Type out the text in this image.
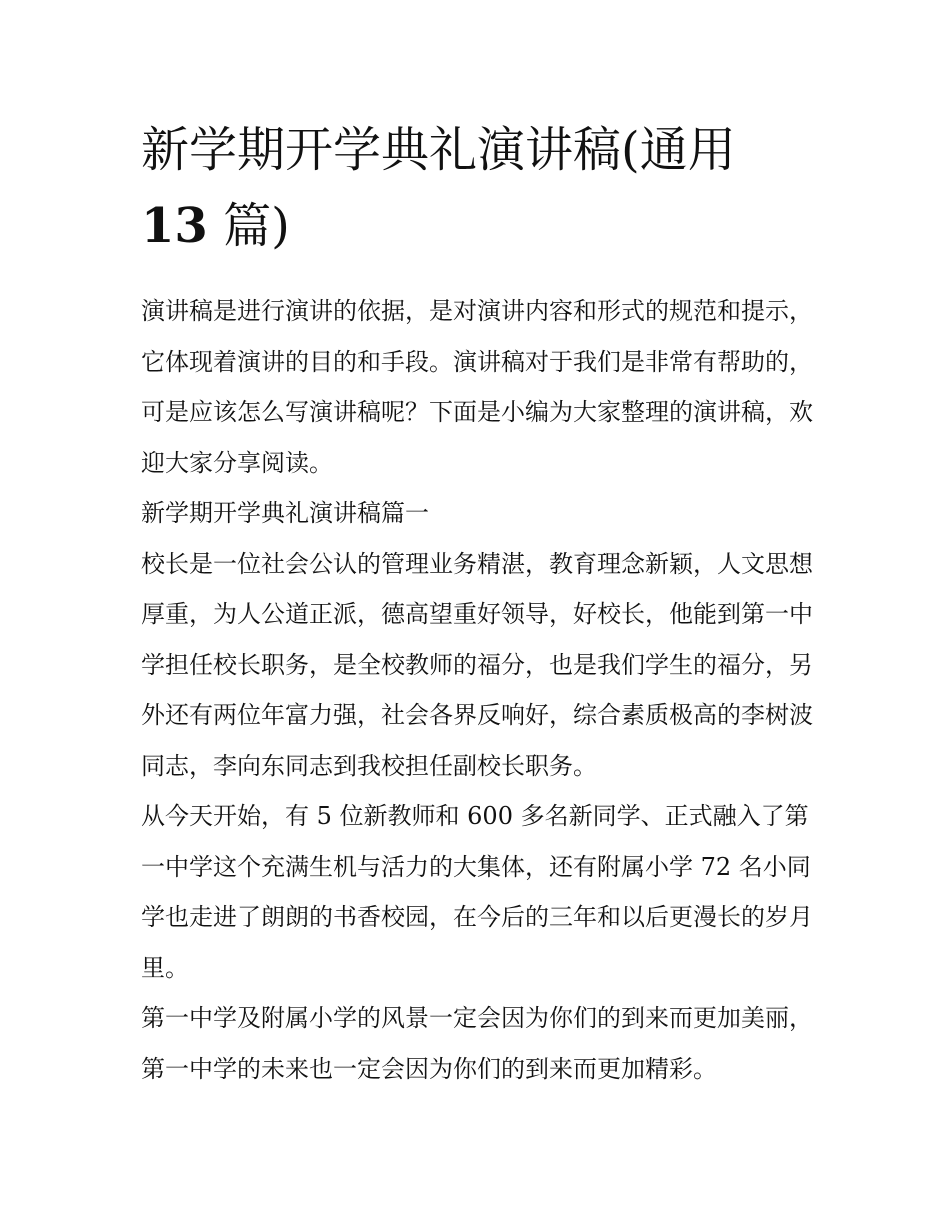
新学期开学典礼演讲稿(通用
13 篇)

演讲稿是进行演讲的依据，是对演讲内容和形式的规范和提示，它体现着演讲的目的和手段。演讲稿对于我们是非常有帮助的，可是应该怎么写演讲稿呢？下面是小编为大家整理的演讲稿，欢迎大家分享阅读。

新学期开学典礼演讲稿篇一

校长是一位社会公认的管理业务精湛，教育理念新颖，人文思想厚重，为人公道正派，德高望重好领导，好校长，他能到第一中学担任校长职务，是全校教师的福分，也是我们学生的福分，另外还有两位年富力强，社会各界反响好，综合素质极高的李树波同志，李向东同志到我校担任副校长职务。

从今天开始，有 5 位新教师和 600 多名新同学、正式融入了第一中学这个充满生机与活力的大集体，还有附属小学 72 名小同学也走进了朗朗的书香校园，在今后的三年和以后更漫长的岁月里。

第一中学及附属小学的风景一定会因为你们的到来而更加美丽，第一中学的未来也一定会因为你们的到来而更加精彩。
